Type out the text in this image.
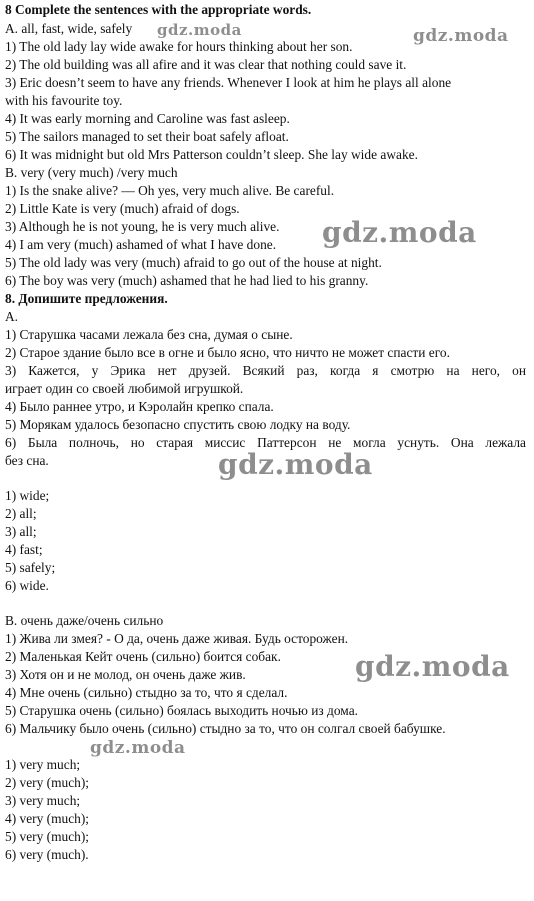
8 Complete the sentences with the appropriate words.
A. all, fast, wide, safely
1) The old lady lay wide awake for hours thinking about her son.
2) The old building was all afire and it was clear that nothing could save it.
3) Eric doesn’t seem to have any friends. Whenever I look at him he plays all alone
with his favourite toy.
4) It was early morning and Caroline was fast asleep.
5) The sailors managed to set their boat safely afloat.
6) It was midnight but old Mrs Patterson couldn’t sleep. She lay wide awake.
B. very (very much) /very much
1) Is the snake alive? — Oh yes, very much alive. Be careful.
2) Little Kate is very (much) afraid of dogs.
3) Although he is not young, he is very much alive.
4) I am very (much) ashamed of what I have done.
5) The old lady was very (much) afraid to go out of the house at night.
6) The boy was very (much) ashamed that he had lied to his granny.
8. Допишите предложения.
А.
1) Старушка часами лежала без сна, думая о сыне.
2) Старое здание было все в огне и было ясно, что ничто не может спасти его.
3) Кажется, у Эрика нет друзей. Всякий раз, когда я смотрю на него, он
играет один со своей любимой игрушкой.
4) Было раннее утро, и Кэролайн крепко спала.
5) Морякам удалось безопасно спустить свою лодку на воду.
6) Была полночь, но старая миссис Паттерсон не могла уснуть. Она лежала
без сна.
1) wide;
2) all;
3) all;
4) fast;
5) safely;
6) wide.
В. очень даже/очень сильно
1) Жива ли змея? - О да, очень даже живая. Будь осторожен.
2) Маленькая Кейт очень (сильно) боится собак.
3) Хотя он и не молод, он очень даже жив.
4) Мне очень (сильно) стыдно за то, что я сделал.
5) Старушка очень (сильно) боялась выходить ночью из дома.
6) Мальчику было очень (сильно) стыдно за то, что он солгал своей бабушке.
1) very much;
2) very (much);
3) very much;
4) very (much);
5) very (much);
6) very (much).
gdz.moda	gdz.moda
gdz.moda
gdz.moda
gdz.moda
gdz.moda
